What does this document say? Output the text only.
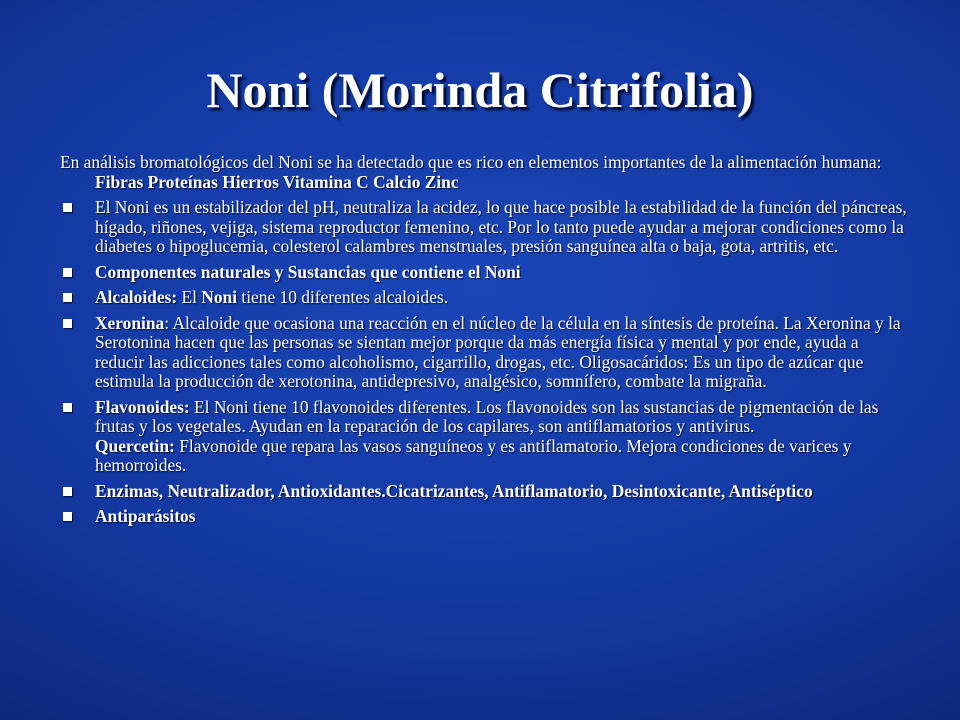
Noni (Morinda Citrifolia)

En análisis bromatológicos del Noni se ha detectado que es rico en elementos importantes de la alimentación humana: Fibras Proteínas Hierros Vitamina C Calcio Zinc

El Noni es un estabilizador del pH, neutraliza la acidez, lo que hace posible la estabilidad de la función del páncreas, hígado, riñones, vejiga, sistema reproductor femenino, etc. Por lo tanto puede ayudar a mejorar condiciones como la diabetes o hipoglucemia, colesterol calambres menstruales, presión sanguínea alta o baja, gota, artritis, etc.
Componentes naturales y Sustancias que contiene el Noni
Alcaloides: El Noni tiene 10 diferentes alcaloides.
Xeronina: Alcaloide que ocasiona una reacción en el núcleo de la célula en la síntesis de proteína. La Xeronina y la Serotonina hacen que las personas se sientan mejor porque da más energía física y mental y por ende, ayuda a reducir las adicciones tales como alcoholismo, cigarrillo, drogas, etc. Oligosacáridos: Es un tipo de azúcar que estimula la producción de xerotonina, antidepresivo, analgésico, somnífero, combate la migraña.
Flavonoides: El Noni tiene 10 flavonoides diferentes. Los flavonoides son las sustancias de pigmentación de las frutas y los vegetales. Ayudan en la reparación de los capilares, son antiflamatorios y antivirus.
Quercetin: Flavonoide que repara las vasos sanguíneos y es antiflamatorio. Mejora condiciones de varices y hemorroides.
Enzimas, Neutralizador, Antioxidantes.Cicatrizantes, Antiflamatorio, Desintoxicante, Antiséptico
Antiparásitos
